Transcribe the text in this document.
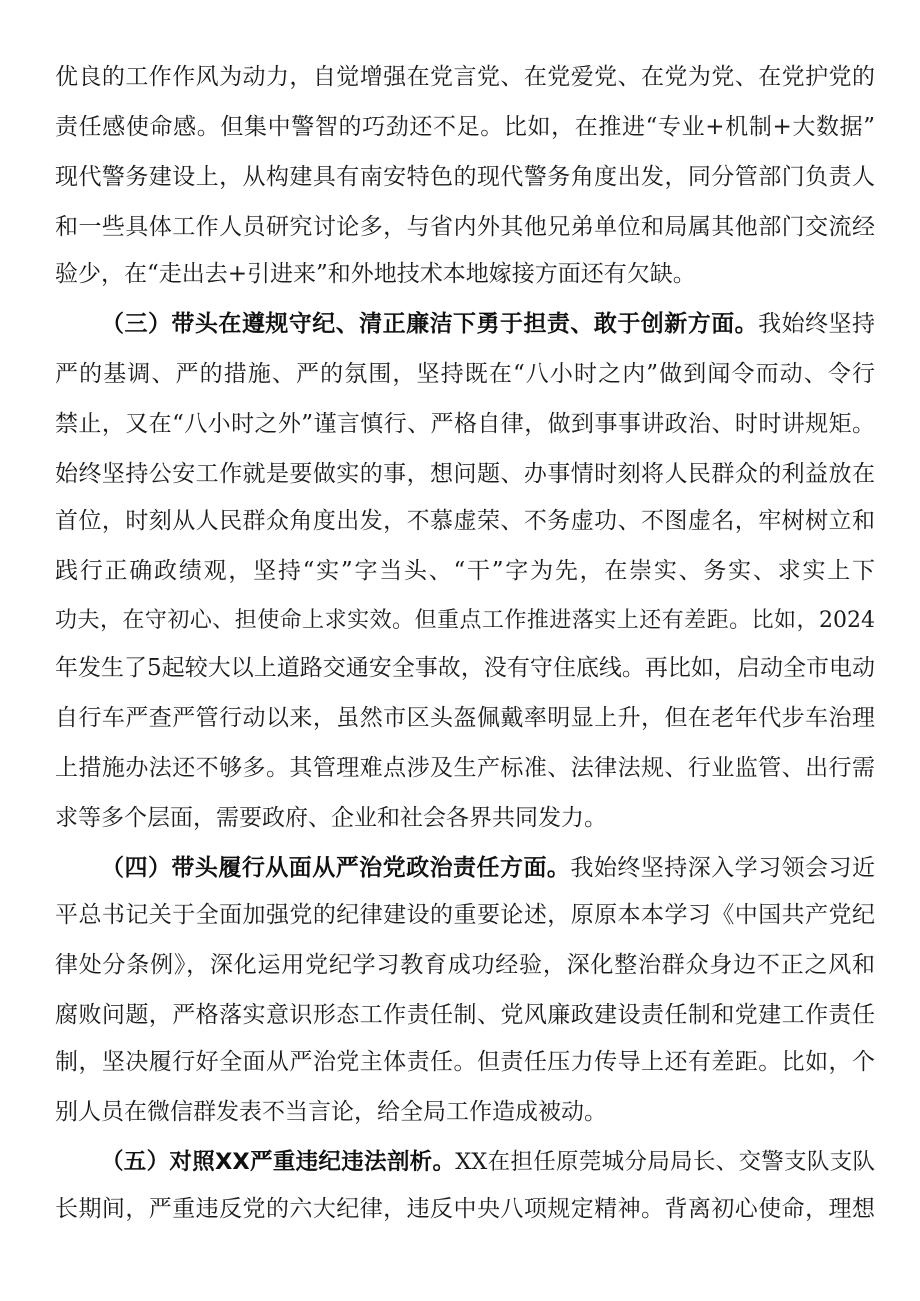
优良的工作作风为动力，自觉增强在党言党、在党爱党、在党为党、在党护党的
责任感使命感。但集中警智的巧劲还不足。比如，在推进“专业+机制+大数据”
现代警务建设上，从构建具有南安特色的现代警务角度出发，同分管部门负责人
和一些具体工作人员研究讨论多，与省内外其他兄弟单位和局属其他部门交流经
验少，在“走出去+引进来”和外地技术本地嫁接方面还有欠缺。
（三）带头在遵规守纪、清正廉洁下勇于担责、敢于创新方面。我始终坚持
严的基调、严的措施、严的氛围，坚持既在“八小时之内”做到闻令而动、令行
禁止，又在“八小时之外”谨言慎行、严格自律，做到事事讲政治、时时讲规矩。
始终坚持公安工作就是要做实的事，想问题、办事情时刻将人民群众的利益放在
首位，时刻从人民群众角度出发，不慕虚荣、不务虚功、不图虚名，牢树树立和
践行正确政绩观，坚持“实”字当头、“干”字为先，在崇实、务实、求实上下
功夫，在守初心、担使命上求实效。但重点工作推进落实上还有差距。比如，2024
年发生了5起较大以上道路交通安全事故，没有守住底线。再比如，启动全市电动
自行车严查严管行动以来，虽然市区头盔佩戴率明显上升，但在老年代步车治理
上措施办法还不够多。其管理难点涉及生产标准、法律法规、行业监管、出行需
求等多个层面，需要政府、企业和社会各界共同发力。
（四）带头履行从面从严治党政治责任方面。我始终坚持深入学习领会习近
平总书记关于全面加强党的纪律建设的重要论述，原原本本学习《中国共产党纪
律处分条例》，深化运用党纪学习教育成功经验，深化整治群众身边不正之风和
腐败问题，严格落实意识形态工作责任制、党风廉政建设责任制和党建工作责任
制，坚决履行好全面从严治党主体责任。但责任压力传导上还有差距。比如，个
别人员在微信群发表不当言论，给全局工作造成被动。
（五）对照XX严重违纪违法剖析。XX在担任原莞城分局局长、交警支队支队
长期间，严重违反党的六大纪律，违反中央八项规定精神。背离初心使命，理想
